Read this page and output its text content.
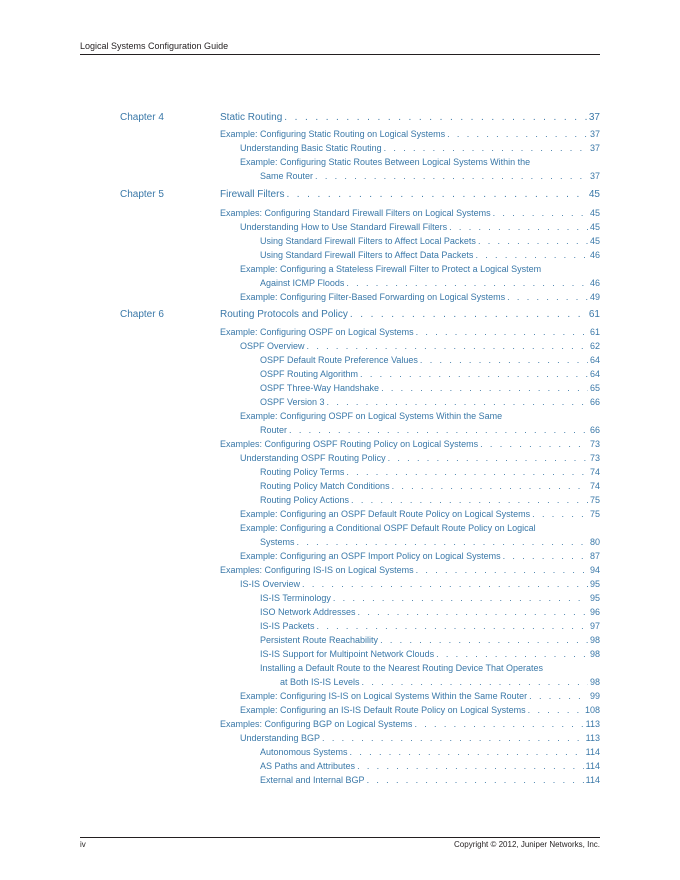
Logical Systems Configuration Guide
iv	Copyright © 2012, Juniper Networks, Inc.
Chapter 4	Static Routing . . .	37
Example: Configuring Static Routing on Logical Systems . . .	37
Understanding Basic Static Routing . . .	37
Example: Configuring Static Routes Between Logical Systems Within the
Same Router . . .	37
Chapter 5	Firewall Filters . . .	45
Examples: Configuring Standard Firewall Filters on Logical Systems . . .	45
Understanding How to Use Standard Firewall Filters . . .	45
Using Standard Firewall Filters to Affect Local Packets . . .	45
Using Standard Firewall Filters to Affect Data Packets . . .	46
Example: Configuring a Stateless Firewall Filter to Protect a Logical System
Against ICMP Floods . . .	46
Example: Configuring Filter-Based Forwarding on Logical Systems . . .	49
Chapter 6	Routing Protocols and Policy . . .	61
Example: Configuring OSPF on Logical Systems . . .	61
OSPF Overview . . .	62
OSPF Default Route Preference Values . . .	64
OSPF Routing Algorithm . . .	64
OSPF Three-Way Handshake . . .	65
OSPF Version 3 . . .	66
Example: Configuring OSPF on Logical Systems Within the Same
Router . . .	66
Examples: Configuring OSPF Routing Policy on Logical Systems . . .	73
Understanding OSPF Routing Policy . . .	73
Routing Policy Terms . . .	74
Routing Policy Match Conditions . . .	74
Routing Policy Actions . . .	75
Example: Configuring an OSPF Default Route Policy on Logical Systems . . .	75
Example: Configuring a Conditional OSPF Default Route Policy on Logical
Systems . . .	80
Example: Configuring an OSPF Import Policy on Logical Systems . . .	87
Examples: Configuring IS-IS on Logical Systems . . .	94
IS-IS Overview . . .	95
IS-IS Terminology . . .	95
ISO Network Addresses . . .	96
IS-IS Packets . . .	97
Persistent Route Reachability . . .	98
IS-IS Support for Multipoint Network Clouds . . .	98
Installing a Default Route to the Nearest Routing Device That Operates
at Both IS-IS Levels . . .	98
Example: Configuring IS-IS on Logical Systems Within the Same Router . . .	99
Example: Configuring an IS-IS Default Route Policy on Logical Systems . . .	108
Examples: Configuring BGP on Logical Systems . . .	113
Understanding BGP . . .	113
Autonomous Systems . . .	114
AS Paths and Attributes . . .	114
External and Internal BGP . . .	114
